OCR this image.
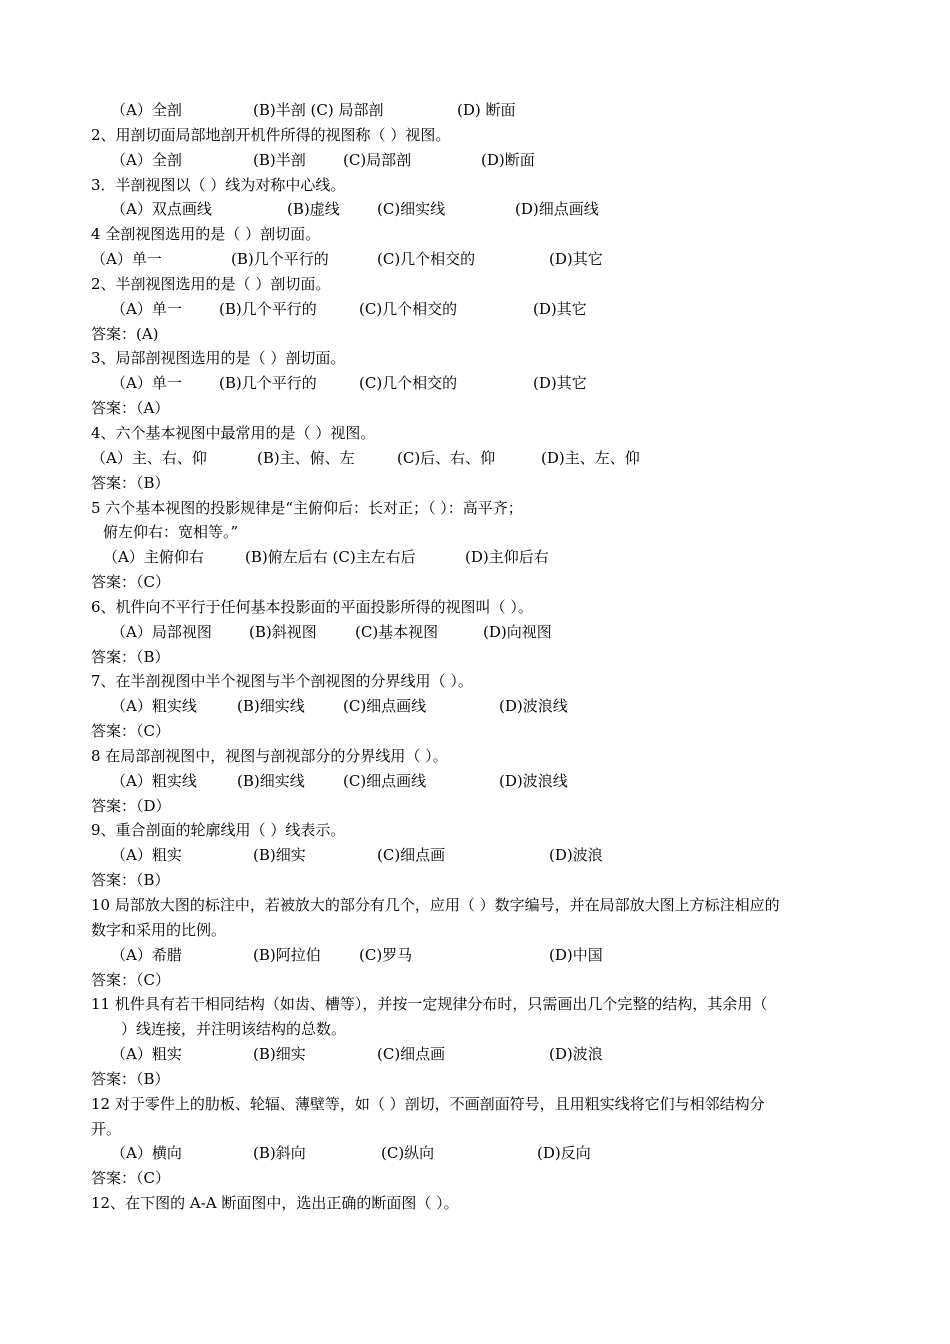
（A）全剖	(B)半剖 (C) 局部剖	(D) 断面
2、用剖切面局部地剖开机件所得的视图称（ ）视图。
（A）全剖	(B)半剖 (C)局部剖	(D)断面
3．半剖视图以（ ）线为对称中心线。
（A）双点画线	(B)虚线 (C)细实线	(D)细点画线
4 全剖视图选用的是（ ）剖切面。
（A）单一	(B)几个平行的	(C)几个相交的	(D)其它
2、半剖视图选用的是（ ）剖切面。
（A）单一 (B)几个平行的	(C)几个相交的	(D)其它
答案：(A)
3、局部剖视图选用的是（ ）剖切面。
（A）单一 (B)几个平行的	(C)几个相交的	(D)其它
答案：（A）
4、六个基本视图中最常用的是（ ）视图。
（A）主、右、仰	(B)主、俯、左	(C)后、右、仰	(D)主、左、仰
答案：（B）
5 六个基本视图的投影规律是“主俯仰后：长对正；（ ）：高平齐；
俯左仰右：宽相等。”
（A）主俯仰右	(B)俯左后右 (C)主左右后	(D)主仰后右
答案：（C）
6、机件向不平行于任何基本投影面的平面投影所得的视图叫（ ）。
（A）局部视图 (B)斜视图	(C)基本视图	(D)向视图
答案：（B）
7、在半剖视图中半个视图与半个剖视图的分界线用（ ）。
（A）粗实线	(B)细实线	(C)细点画线	(D)波浪线
答案：（C）
8 在局部剖视图中，视图与剖视部分的分界线用（ ）。
（A）粗实线	(B)细实线	(C)细点画线	(D)波浪线
答案：（D）
9、重合剖面的轮廓线用（ ）线表示。
（A）粗实	(B)细实	(C)细点画	(D)波浪
答案：（B）
10 局部放大图的标注中，若被放大的部分有几个，应用（ ）数字编号，并在局部放大图上方标注相应的
数字和采用的比例。
（A）希腊	(B)阿拉伯	(C)罗马	(D)中国
答案：（C）
11 机件具有若干相同结构（如齿、槽等），并按一定规律分布时，只需画出几个完整的结构，其余用（
）线连接，并注明该结构的总数。
（A）粗实	(B)细实	(C)细点画	(D)波浪
答案：（B）
12 对于零件上的肋板、轮辐、薄壁等，如（ ）剖切，不画剖面符号，且用粗实线将它们与相邻结构分
开。
（A）横向	(B)斜向	(C)纵向	(D)反向
答案：（C）
12、在下图的 A-A 断面图中，选出正确的断面图（ ）。
